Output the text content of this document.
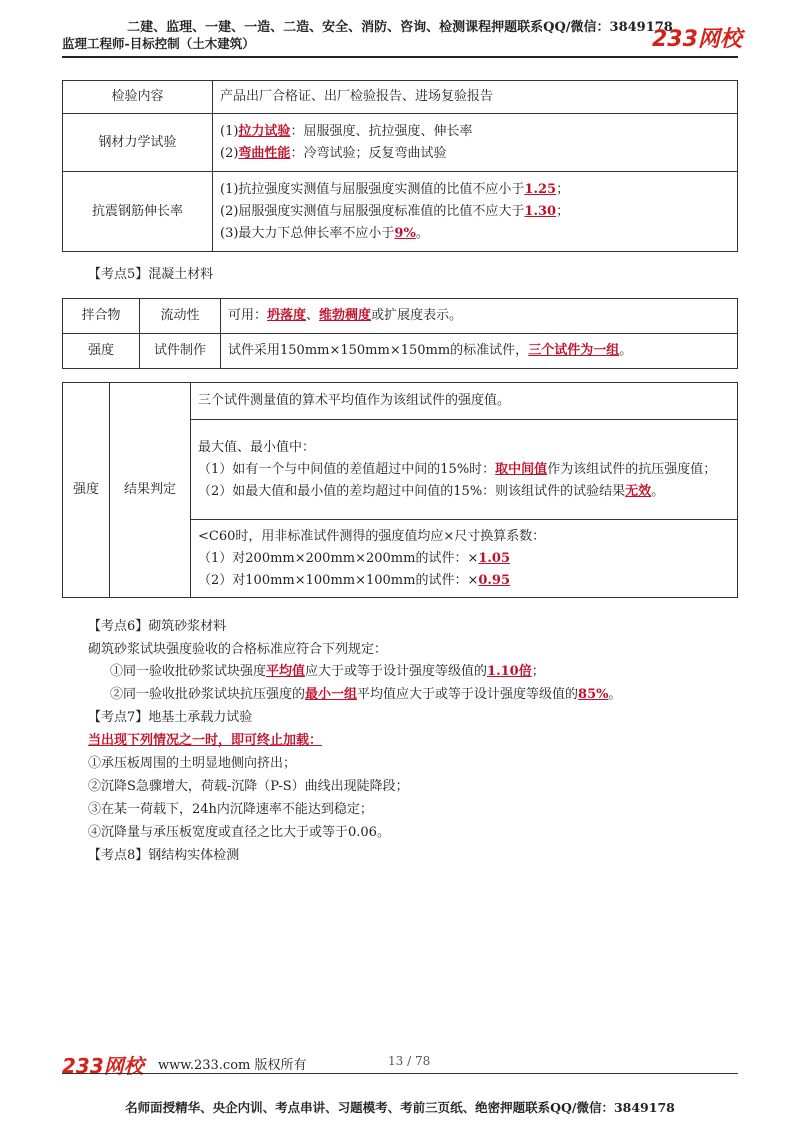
二建、监理、一建、一造、二造、安全、消防、咨询、检测课程押题联系QQ/微信：3849178
监理工程师-目标控制（土木建筑）	233网校
检验内容	产品出厂合格证、出厂检验报告、进场复验报告
钢材力学试验	(1)拉力试验：屈服强度、抗拉强度、伸长率
(2)弯曲性能：冷弯试验；反复弯曲试验

抗震钢筋伸长率	(1)抗拉强度实测值与屈服强度实测值的比值不应小于1.25；
(2)屈服强度实测值与屈服强度标准值的比值不应大于1.30；
(3)最大力下总伸长率不应小于9%。
【考点5】混凝土材料
拌合物	流动性	可用：坍落度、维勃稠度或扩展度表示。
强度	试件制作	试件采用150mm×150mm×150mm的标准试件，三个试件为一组。
强度	结果判定	三个试件测量值的算术平均值作为该组试件的强度值。

最大值、最小值中：
（1）如有一个与中间值的差值超过中间的15%时：取中间值作为该组试件的抗压强度值；
（2）如最大值和最小值的差均超过中间值的15%：则该组试件的试验结果无效。

<C60时，用非标准试件测得的强度值均应×尺寸换算系数：
（1）对200mm×200mm×200mm的试件：×1.05
（2）对100mm×100mm×100mm的试件：×0.95
【考点6】砌筑砂浆材料
砌筑砂浆试块强度验收的合格标准应符合下列规定：
①同一验收批砂浆试块强度平均值应大于或等于设计强度等级值的1.10倍；
②同一验收批砂浆试块抗压强度的最小一组平均值应大于或等于设计强度等级值的85%。
【考点7】地基土承载力试验
当出现下列情况之一时，即可终止加载：
①承压板周围的土明显地侧向挤出；
②沉降S急骤增大，荷载-沉降（P-S）曲线出现陡降段；
③在某一荷载下，24h内沉降速率不能达到稳定；
④沉降量与承压板宽度或直径之比大于或等于0.06。
【考点8】钢结构实体检测
233网校 www.233.com 版权所有	13 / 78
名师面授精华、央企内训、考点串讲、习题模考、考前三页纸、绝密押题联系QQ/微信：3849178
